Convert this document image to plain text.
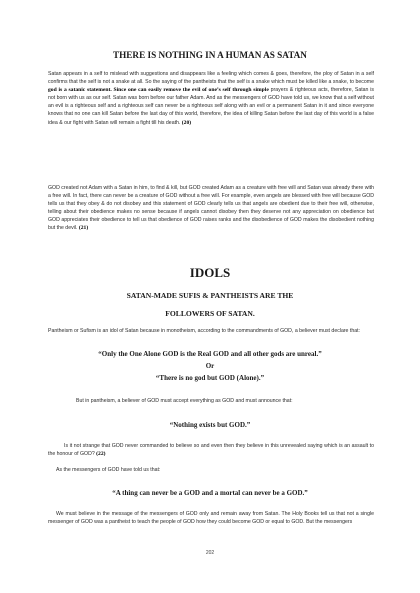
THERE IS NOTHING IN A HUMAN AS SATAN

Satan appears in a self to mislead with suggestions and disappears like a feeling which comes & goes, therefore, the ploy of Satan in a self confirms that the self is not a snake at all. So the saying of the pantheists that the self is a snake which must be killed like a snake, to become god is a satanic statement. Since one can easily remove the evil of one’s self through simple prayers & righteous acts, therefore, Satan is not born with us as our self. Satan was born before our father Adam. And as the messengers of GOD have told us, we know that a self without an evil is a righteous self and a righteous self can never be a righteous self along with an evil or a permanent Satan in it and since everyone knows that no one can kill Satan before the last day of this world, therefore, the idea of killing Satan before the last day of this world is a false idea & our fight with Satan will remain a fight till his death. (20)

GOD created not Adam with a Satan in him, to find & kill, but GOD created Adam as a creature with free will and Satan was already there with a free will. In fact, there can never be a creature of GOD without a free will. For example, even angels are blessed with free will because GOD tells us that they obey & do not disobey and this statement of GOD clearly tells us that angels are obedient due to their free will, otherwise, telling about their obedience makes no sense because if angels cannot disobey then they deserve not any appreciation on obedience but GOD appreciates their obedience to tell us that obedience of GOD raises ranks and the disobedience of GOD makes the disobedient nothing but the devil. (21)

IDOLS
SATAN-MADE SUFIS & PANTHEISTS ARE THE
FOLLOWERS OF SATAN.

Pantheism or Sufism is an idol of Satan because in monotheism, according to the commandments of GOD, a believer must declare that:

“Only the One Alone GOD is the Real GOD and all other gods are unreal.”
Or
“There is no god but GOD (Alone).”

But in pantheism, a believer of GOD must accept everything as GOD and must announce that:

“Nothing exists but GOD.”

Is it not strange that GOD never commanded to believe so and even then they believe in this unrevealed saying which is an assault to the honour of GOD? (22)

As the messengers of GOD have told us that:

“A thing can never be a GOD and a mortal can never be a GOD.”

We must believe in the message of the messengers of GOD only and remain away from Satan. The Holy Books tell us that not a single messenger of GOD was a pantheist to teach the people of GOD how they could become GOD or equal to GOD. But the messengers

202
